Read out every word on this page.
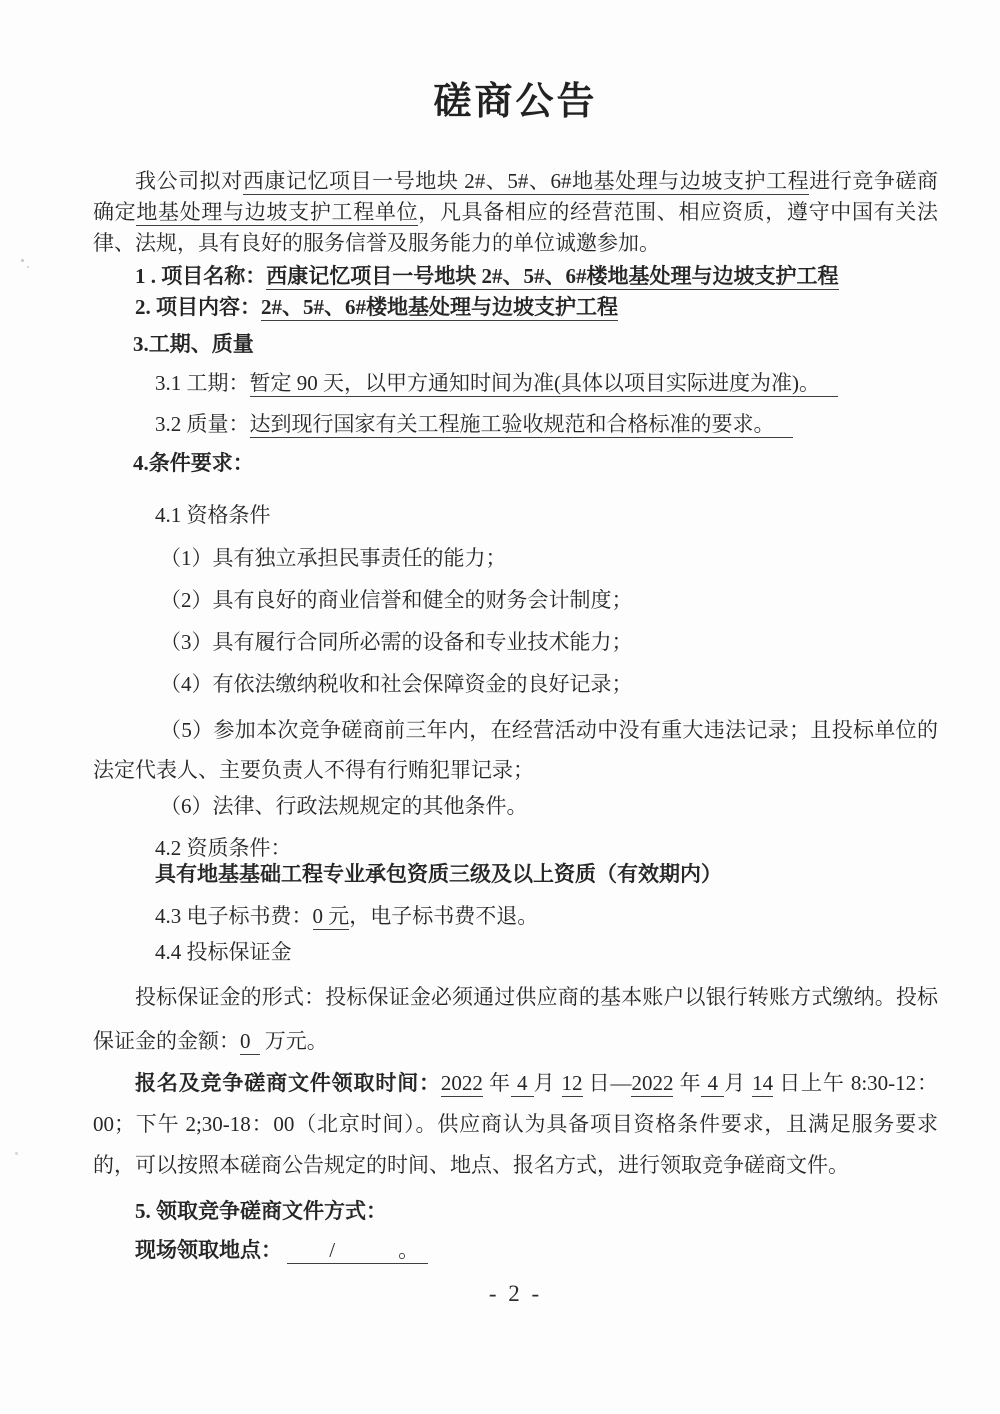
磋商公告

我公司拟对西康记忆项目一号地块 2#、5#、6#地基处理与边坡支护工程进行竞争磋商确定地基处理与边坡支护工程单位，凡具备相应的经营范围、相应资质，遵守中国有关法律、法规，具有良好的服务信誉及服务能力的单位诚邀参加。

1 . 项目名称：西康记忆项目一号地块 2#、5#、6#楼地基处理与边坡支护工程

2. 项目内容：2#、5#、6#楼地基处理与边坡支护工程

3.工期、质量

3.1 工期：暂定 90 天，以甲方通知时间为准(具体以项目实际进度为准)。

3.2 质量：达到现行国家有关工程施工验收规范和合格标准的要求。

4.条件要求：

4.1 资格条件

（1）具有独立承担民事责任的能力；

（2）具有良好的商业信誉和健全的财务会计制度；

（3）具有履行合同所必需的设备和专业技术能力；

（4）有依法缴纳税收和社会保障资金的良好记录；

（5）参加本次竞争磋商前三年内，在经营活动中没有重大违法记录；且投标单位的法定代表人、主要负责人不得有行贿犯罪记录；

（6）法律、行政法规规定的其他条件。

4.2 资质条件：

具有地基基础工程专业承包资质三级及以上资质（有效期内）

4.3 电子标书费：0 元，电子标书费不退。

4.4 投标保证金

投标保证金的形式：投标保证金必须通过供应商的基本账户以银行转账方式缴纳。投标保证金的金额：0 万元。

报名及竞争磋商文件领取时间：2022 年 4 月 12 日—2022 年 4 月 14 日上午 8:30-12：00；下午 2;30-18：00（北京时间）。供应商认为具备项目资格条件要求，且满足服务要求的，可以按照本磋商公告规定的时间、地点、报名方式，进行领取竞争磋商文件。

5. 领取竞争磋商文件方式：

现场领取地点： 　　/　　　。

- 2 -
